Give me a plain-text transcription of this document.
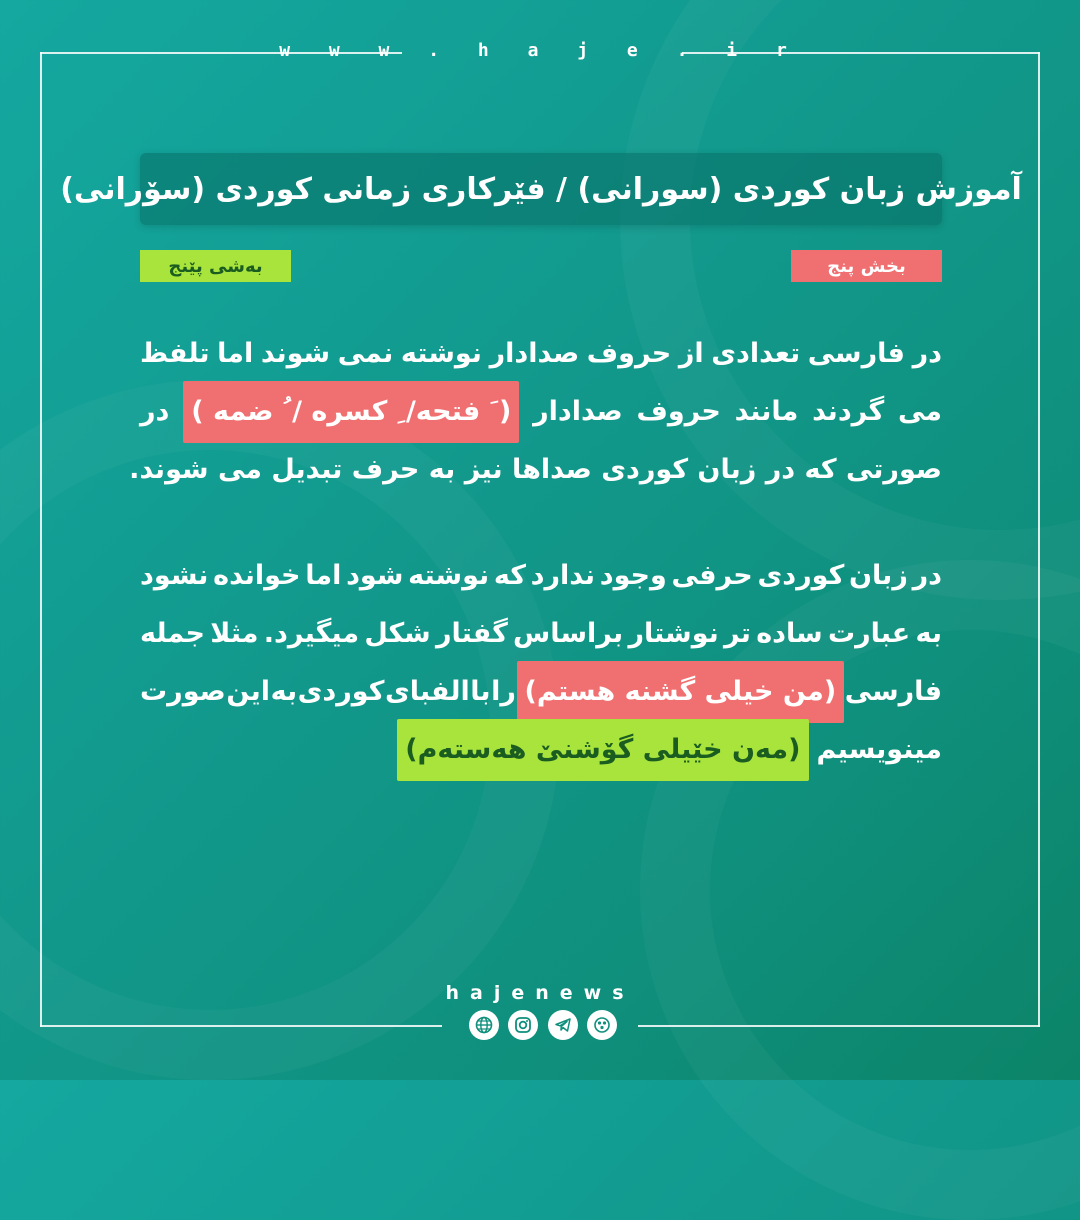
w w w . h a j e . i r
آموزش زبان کوردی (سورانی) / فێرکاری زمانی کوردی (سۆرانی)
بخش پنج
بەشی پێنج
در
فارسی
تعدادی
از
حروف
صدادار
نوشته
نمی
شوند
اما
تلفظ
می
گردند
مانند
حروف
صدادار
( َ فتحه/ ِ کسره / ُ ضمه )
در
صورتی که در زبان کوردی صداها نیز به حرف تبدیل می شوند.
در
زبان
کوردی
حرفی
وجود
ندارد
که
نوشته
شود
اما
خوانده
نشود
به
عبارت
ساده
تر
نوشتار
براساس
گفتار
شکل
میگیرد.
مثلا
جمله
فارسی
(من خیلی گشنه هستم)
را
با
الفبای
کوردی
به
این
صورت
مینویسیم
(مەن خێیلی گۆشنێ هەستەم)
hajenews
